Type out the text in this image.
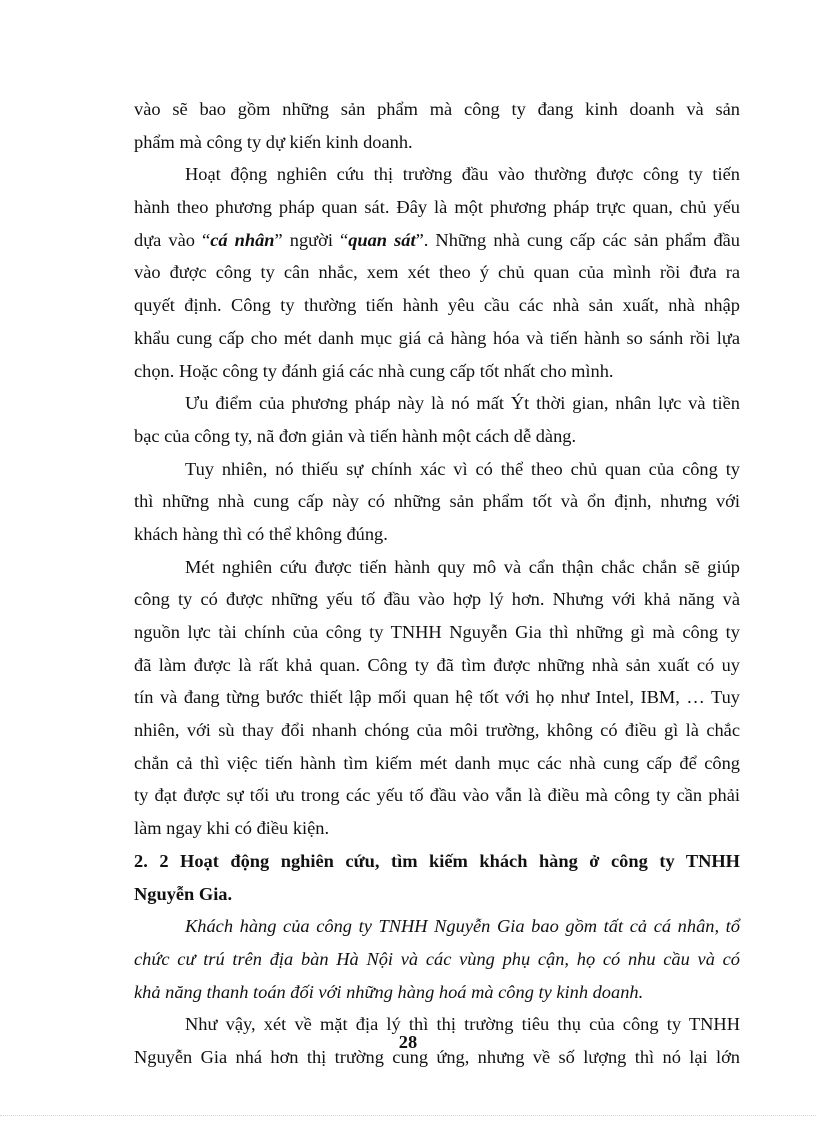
vào sẽ bao gồm những sản phẩm mà công ty đang kinh doanh và sản
phẩm mà công ty dự kiến kinh doanh.
Hoạt động nghiên cứu thị trường đầu vào thường được công ty tiến
hành theo phương pháp quan sát. Đây là một phương pháp trực quan, chủ yếu
dựa vào “cá nhân” người “quan sát”. Những nhà cung cấp các sản phẩm đầu
vào được công ty cân nhắc, xem xét theo ý chủ quan của mình rồi đưa ra
quyết định. Công ty thường tiến hành yêu cầu các nhà sản xuất, nhà nhập
khẩu cung cấp cho mét danh mục giá cả hàng hóa và tiến hành so sánh rồi lựa
chọn. Hoặc công ty đánh giá các nhà cung cấp tốt nhất cho mình.
Ưu điểm của phương pháp này là nó mất Ýt thời gian, nhân lực và tiền
bạc của công ty, nã đơn giản và tiến hành một cách dễ dàng.
Tuy nhiên, nó thiếu sự chính xác vì có thể theo chủ quan của công ty
thì những nhà cung cấp này có những sản phẩm tốt và ổn định, nhưng với
khách hàng thì có thể không đúng.
Mét nghiên cứu được tiến hành quy mô và cẩn thận chắc chắn sẽ giúp
công ty có được những yếu tố đầu vào hợp lý hơn. Nhưng với khả năng và
nguồn lực tài chính của công ty TNHH Nguyễn Gia thì những gì mà công ty
đã làm được là rất khả quan. Công ty đã tìm được những nhà sản xuất có uy
tín và đang từng bước thiết lập mối quan hệ tốt với họ như Intel, IBM, … Tuy
nhiên, với sù thay đổi nhanh chóng của môi trường, không có điều gì là chắc
chắn cả thì việc tiến hành tìm kiếm mét danh mục các nhà cung cấp để công
ty đạt được sự tối ưu trong các yếu tố đầu vào vẫn là điều mà công ty cần phải
làm ngay khi có điều kiện.
2. 2 Hoạt động nghiên cứu, tìm kiếm khách hàng ở công ty TNHH
Nguyễn Gia.
Khách hàng của công ty TNHH Nguyễn Gia bao gồm tất cả cá nhân, tổ
chức cư trú trên địa bàn Hà Nội và các vùng phụ cận, họ có nhu cầu và có
khả năng thanh toán đối với những hàng hoá mà công ty kinh doanh.
Như vậy, xét về mặt địa lý thì thị trường tiêu thụ của công ty TNHH
Nguyễn Gia nhá hơn thị trường cung ứng, nhưng về số lượng thì nó lại lớn
28
